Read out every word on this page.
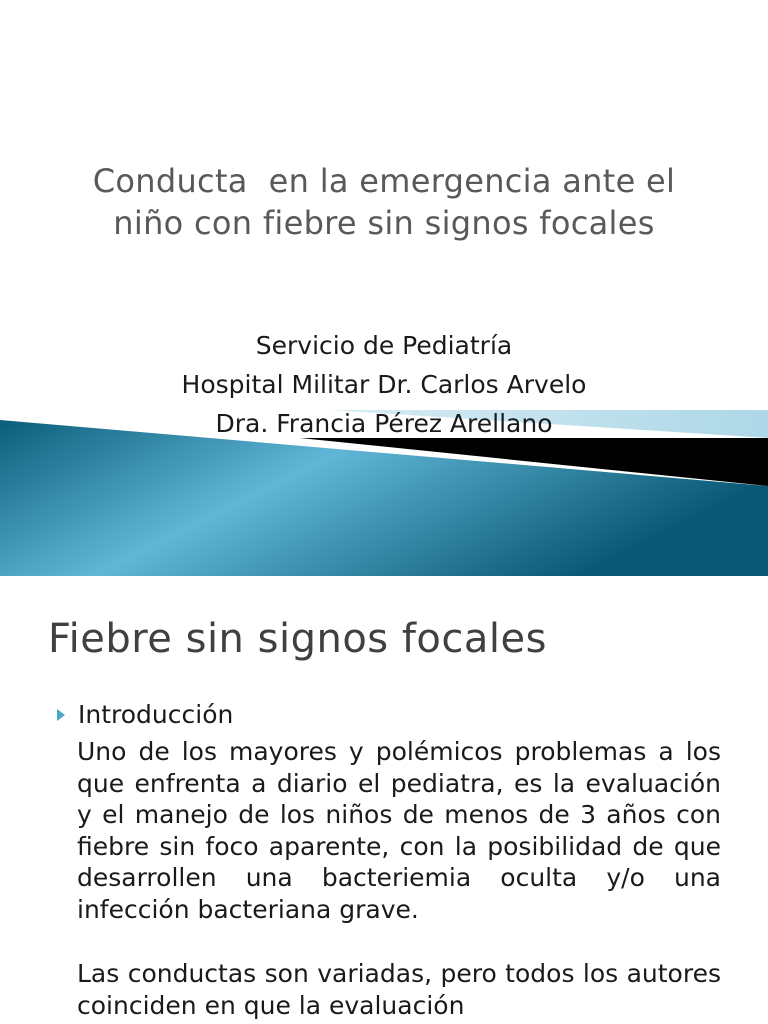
Conducta  en la emergencia ante el
niño con fiebre sin signos focales
Servicio de Pediatría
Hospital Militar Dr. Carlos Arvelo
Dra. Francia Pérez Arellano
Fiebre sin signos focales
Introducción
Uno de los mayores y polémicos problemas a los que enfrenta a diario el pediatra, es la evaluación y el manejo de los niños de menos de 3 años con fiebre sin foco aparente, con la posibilidad de que desarrollen una bacteriemia oculta y/o una infección bacteriana grave.
Las conductas son variadas, pero todos los autores coinciden en que la evaluación
